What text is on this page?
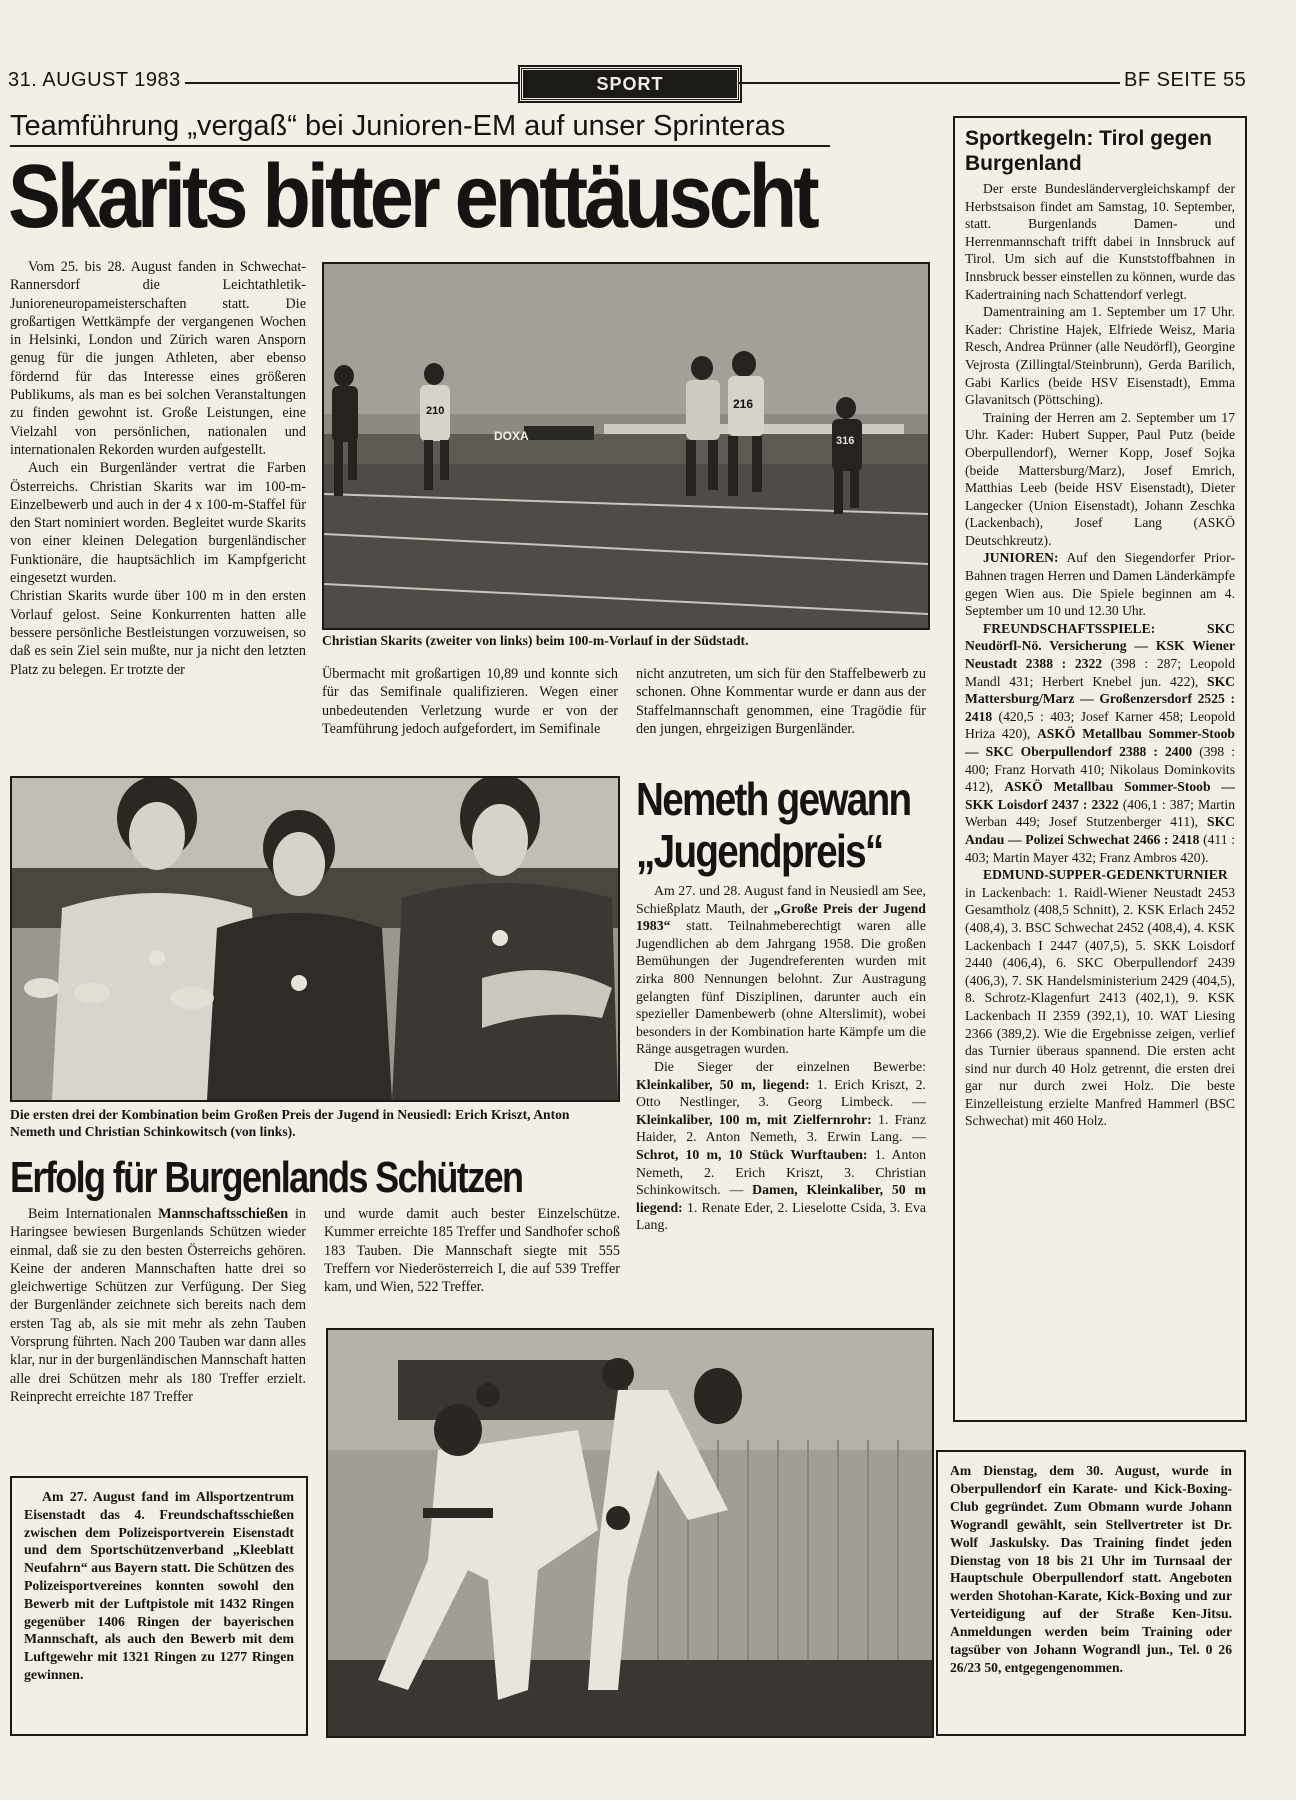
31. AUGUST 1983	SPORT	BF SEITE 55
Teamführung „vergaß“ bei Junioren-EM auf unser Sprinteras
Skarits bitter enttäuscht

Vom 25. bis 28. August fanden in Schwechat-Rannersdorf die Leichtathletik-Junioreneuropameisterschaften statt. Die großartigen Wettkämpfe der vergangenen Wochen in Helsinki, London und Zürich waren Ansporn genug für die jungen Athleten, aber ebenso fördernd für das Interesse eines größeren Publikums, als man es bei solchen Veranstaltungen zu finden gewohnt ist. Große Leistungen, eine Vielzahl von persönlichen, nationalen und internationalen Rekorden wurden aufgestellt.

Auch ein Burgenländer vertrat die Farben Österreichs. Christian Skarits war im 100-m-Einzelbewerb und auch in der 4 x 100-m-Staffel für den Start nominiert worden. Begleitet wurde Skarits von einer kleinen Delegation burgenländischer Funktionäre, die hauptsächlich im Kampfgericht eingesetzt wurden.

Christian Skarits wurde über 100 m in den ersten Vorlauf gelost. Seine Konkurrenten hatten alle bessere persönliche Bestleistungen vorzuweisen, so daß es sein Ziel sein mußte, nur ja nicht den letzten Platz zu belegen. Er trotzte der

DOXA
210	216
316
Christian Skarits (zweiter von links) beim 100-m-Vorlauf in der Südstadt.

Übermacht mit großartigen 10,89 und konnte sich für das Semifinale qualifizieren. Wegen einer unbedeutenden Verletzung wurde er von der Teamführung jedoch aufgefordert, im Semifinale

nicht anzutreten, um sich für den Staffelbewerb zu schonen. Ohne Kommentar wurde er dann aus der Staffelmannschaft genommen, eine Tragödie für den jungen, ehrgeizigen Burgenländer.

Sportkegeln: Tirol gegen Burgenland

Der erste Bundesländervergleichskampf der Herbstsaison findet am Samstag, 10. September, statt. Burgenlands Damen- und Herrenmannschaft trifft dabei in Innsbruck auf Tirol. Um sich auf die Kunststoffbahnen in Innsbruck besser einstellen zu können, wurde das Kadertraining nach Schattendorf verlegt.

Damentraining am 1. September um 17 Uhr. Kader: Christine Hajek, Elfriede Weisz, Maria Resch, Andrea Prünner (alle Neudörfl), Georgine Vejrosta (Zillingtal/Steinbrunn), Gerda Barilich, Gabi Karlics (beide HSV Eisenstadt), Emma Glavanitsch (Pöttsching).

Training der Herren am 2. September um 17 Uhr. Kader: Hubert Supper, Paul Putz (beide Oberpullendorf), Werner Kopp, Josef Sojka (beide Mattersburg/Marz), Josef Emrich, Matthias Leeb (beide HSV Eisenstadt), Dieter Langecker (Union Eisenstadt), Johann Zeschka (Lackenbach), Josef Lang (ASKÖ Deutschkreutz).

JUNIOREN: Auf den Siegendorfer Prior-Bahnen tragen Herren und Damen Länderkämpfe gegen Wien aus. Die Spiele beginnen am 4. September um 10 und 12.30 Uhr.

FREUNDSCHAFTSSPIELE:	SKC Neudörfl-Nö. Versicherung — KSK Wiener Neustadt 2388 : 2322 (398 : 287; Leopold Mandl 431; Herbert Knebel jun. 422), SKC Mattersburg/Marz — Großenzersdorf 2525 : 2418 (420,5 : 403; Josef Karner 458; Leopold Hriza 420), ASKÖ Metallbau Sommer-Stoob — SKC Oberpullendorf 2388 : 2400 (398 : 400; Franz Horvath 410; Nikolaus Dominkovits 412), ASKÖ Metallbau Sommer-Stoob — SKK Loisdorf 2437 : 2322 (406,1 : 387; Martin Werban 449; Josef Stutzenberger 411), SKC Andau — Polizei Schwechat 2466 : 2418 (411 : 403; Martin Mayer 432; Franz Ambros 420).

EDMUND-SUPPER-GEDENKTURNIER in Lackenbach: 1. Raidl-Wiener Neustadt 2453 Gesamtholz (408,5 Schnitt), 2. KSK Erlach 2452 (408,4), 3. BSC Schwechat 2452 (408,4), 4. KSK Lackenbach I 2447 (407,5), 5. SKK Loisdorf 2440 (406,4), 6. SKC Oberpullendorf 2439 (406,3), 7. SK Handelsministerium 2429 (404,5), 8. Schrotz-Klagenfurt 2413 (402,1), 9. KSK Lackenbach II 2359 (392,1), 10. WAT Liesing 2366 (389,2). Wie die Ergebnisse zeigen, verlief das Turnier überaus spannend. Die ersten acht sind nur durch 40 Holz getrennt, die ersten drei gar nur durch zwei Holz. Die beste Einzelleistung erzielte Manfred Hammerl (BSC Schwechat) mit 460 Holz.

Die ersten drei der Kombination beim Großen Preis der Jugend in Neusiedl: Erich Kriszt, Anton Nemeth und Christian Schinkowitsch (von links).
Nemeth gewann
„Jugendpreis“

Am 27. und 28. August fand in Neusiedl am See, Schießplatz Mauth, der „Große Preis der Jugend 1983“ statt. Teilnahmeberechtigt waren alle Jugendlichen ab dem Jahrgang 1958. Die großen Bemühungen der Jugendreferenten wurden mit zirka 800 Nennungen belohnt. Zur Austragung gelangten fünf Disziplinen, darunter auch ein spezieller Damenbewerb (ohne Alterslimit), wobei besonders in der Kombination harte Kämpfe um die Ränge ausgetragen wurden.

Die Sieger der einzelnen Bewerbe: Kleinkaliber, 50 m, liegend: 1. Erich Kriszt, 2. Otto Nestlinger, 3. Georg Limbeck. — Kleinkaliber, 100 m, mit Zielfernrohr: 1. Franz Haider, 2. Anton Nemeth, 3. Erwin Lang. — Schrot, 10 m, 10 Stück Wurftauben: 1. Anton Nemeth, 2. Erich Kriszt, 3. Christian Schinkowitsch. — Damen, Kleinkaliber, 50 m liegend: 1. Renate Eder, 2. Lieselotte Csida, 3. Eva Lang.

Erfolg für Burgenlands Schützen

Beim Internationalen Mannschaftsschießen in Haringsee bewiesen Burgenlands Schützen wieder einmal, daß sie zu den besten Österreichs gehören. Keine der anderen Mannschaften hatte drei so gleichwertige Schützen zur Verfügung. Der Sieg der Burgenländer zeichnete sich bereits nach dem ersten Tag ab, als sie mit mehr als zehn Tauben Vorsprung führten. Nach 200 Tauben war dann alles klar, nur in der burgenländischen Mannschaft hatten alle drei Schützen mehr als 180 Treffer erzielt. Reinprecht erreichte 187 Treffer

und wurde damit auch bester Einzelschütze. Kummer erreichte 185 Treffer und Sandhofer schoß 183 Tauben. Die Mannschaft siegte mit 555 Treffern vor Niederösterreich I, die auf 539 Treffer kam, und Wien, 522 Treffer.

Am 27. August fand im Allsportzentrum Eisenstadt das 4. Freundschaftsschießen zwischen dem Polizeisportverein Eisenstadt und dem Sportschützenverband „Kleeblatt Neufahrn“ aus Bayern statt. Die Schützen des Polizeisportvereines konnten sowohl den Bewerb mit der Luftpistole mit 1432 Ringen gegenüber 1406 Ringen der bayerischen Mannschaft, als auch den Bewerb mit dem Luftgewehr mit 1321 Ringen zu 1277 Ringen gewinnen.

Am Dienstag, dem 30. August, wurde in Oberpullendorf ein Karate- und Kick-Boxing-Club gegründet. Zum Obmann wurde Johann Wograndl gewählt, sein Stellvertreter ist Dr. Wolf Jaskulsky. Das Training findet jeden Dienstag von 18 bis 21 Uhr im Turnsaal der Hauptschule Oberpullendorf statt. Angeboten werden Shotohan-Karate, Kick-Boxing und zur Verteidigung auf der Straße Ken-Jitsu. Anmeldungen werden beim Training oder tagsüber von Johann Wograndl jun., Tel. 0 26 26/23 50, entgegengenommen.
